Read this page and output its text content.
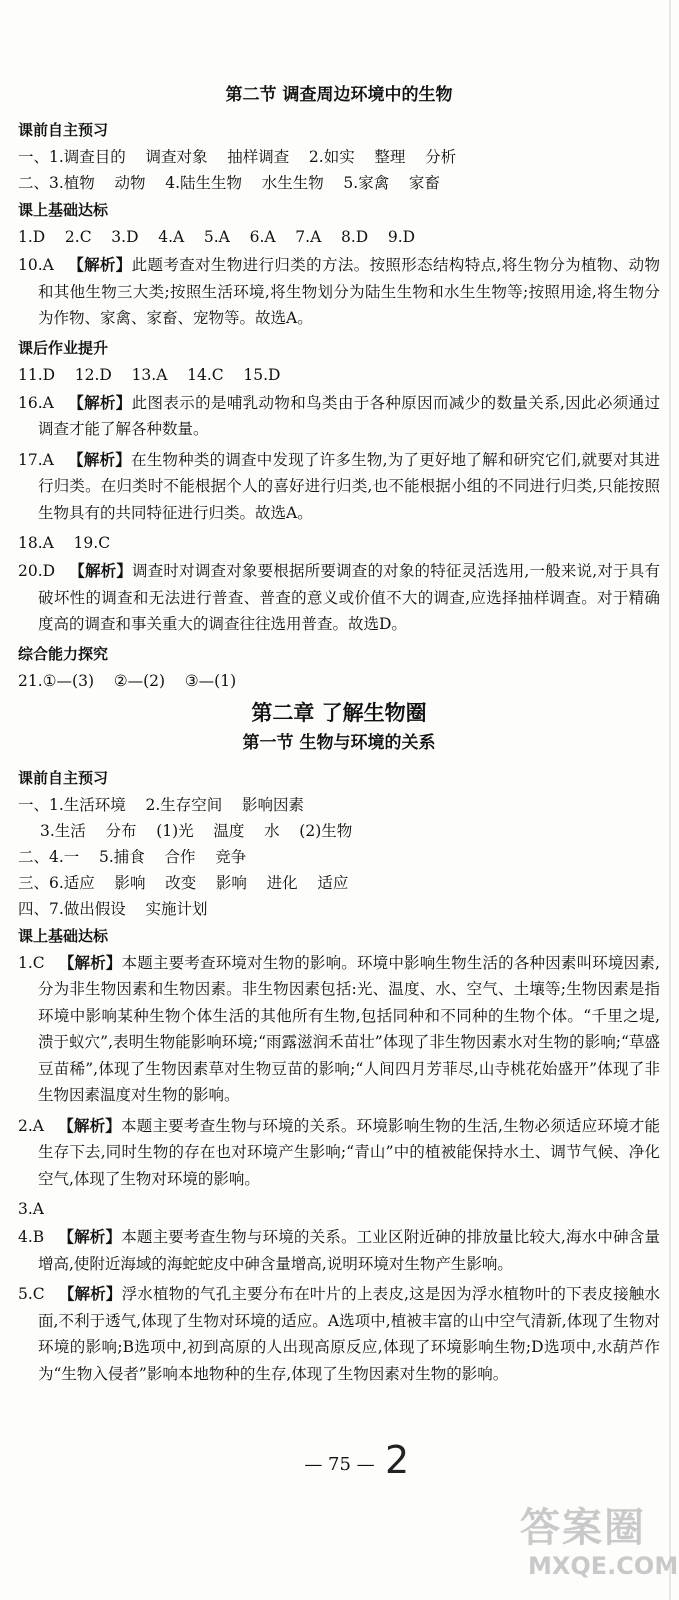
第二节 调查周边环境中的生物
课前自主预习
一、1.调查目的    调查对象    抽样调查    2.如实    整理    分析
二、3.植物    动物    4.陆生生物    水生生物    5.家禽    家畜
课上基础达标
1.D    2.C    3.D    4.A    5.A    6.A    7.A    8.D    9.D
10.A 【解析】此题考查对生物进行归类的方法。按照形态结构特点,将生物分为植物、动物和其他生物三大类;按照生活环境,将生物划分为陆生生物和水生生物等;按照用途,将生物分为作物、家禽、家畜、宠物等。故选A。
课后作业提升
11.D    12.D    13.A    14.C    15.D
16.A 【解析】此图表示的是哺乳动物和鸟类由于各种原因而减少的数量关系,因此必须通过调查才能了解各种数量。
17.A 【解析】在生物种类的调查中发现了许多生物,为了更好地了解和研究它们,就要对其进行归类。在归类时不能根据个人的喜好进行归类,也不能根据小组的不同进行归类,只能按照生物具有的共同特征进行归类。故选A。
18.A    19.C
20.D 【解析】调查时对调查对象要根据所要调查的对象的特征灵活选用,一般来说,对于具有破坏性的调查和无法进行普查、普查的意义或价值不大的调查,应选择抽样调查。对于精确度高的调查和事关重大的调查往往选用普查。故选D。
综合能力探究
21.①—(3)    ②—(2)    ③—(1)
第二章 了解生物圈
第一节 生物与环境的关系
课前自主预习
一、1.生活环境    2.生存空间    影响因素
3.生活    分布    (1)光    温度    水    (2)生物
二、4.一    5.捕食    合作    竞争
三、6.适应    影响    改变    影响    进化    适应
四、7.做出假设    实施计划
课上基础达标
1.C 【解析】本题主要考查环境对生物的影响。环境中影响生物生活的各种因素叫环境因素,分为非生物因素和生物因素。非生物因素包括:光、温度、水、空气、土壤等;生物因素是指环境中影响某种生物个体生活的其他所有生物,包括同种和不同种的生物个体。“千里之堤,溃于蚁穴”,表明生物能影响环境;“雨露滋润禾苗壮”体现了非生物因素水对生物的影响;“草盛豆苗稀”,体现了生物因素草对生物豆苗的影响;“人间四月芳菲尽,山寺桃花始盛开”体现了非生物因素温度对生物的影响。
2.A 【解析】本题主要考查生物与环境的关系。环境影响生物的生活,生物必须适应环境才能生存下去,同时生物的存在也对环境产生影响;“青山”中的植被能保持水土、调节气候、净化空气,体现了生物对环境的影响。
3.A
4.B 【解析】本题主要考查生物与环境的关系。工业区附近砷的排放量比较大,海水中砷含量增高,使附近海域的海蛇蛇皮中砷含量增高,说明环境对生物产生影响。
5.C 【解析】浮水植物的气孔主要分布在叶片的上表皮,这是因为浮水植物叶的下表皮接触水面,不利于透气,体现了生物对环境的适应。A选项中,植被丰富的山中空气清新,体现了生物对环境的影响;B选项中,初到高原的人出现高原反应,体现了环境影响生物;D选项中,水葫芦作为“生物入侵者”影响本地物种的生存,体现了生物因素对生物的影响。
— 75 — 2
答案圈
MXQE.COM
